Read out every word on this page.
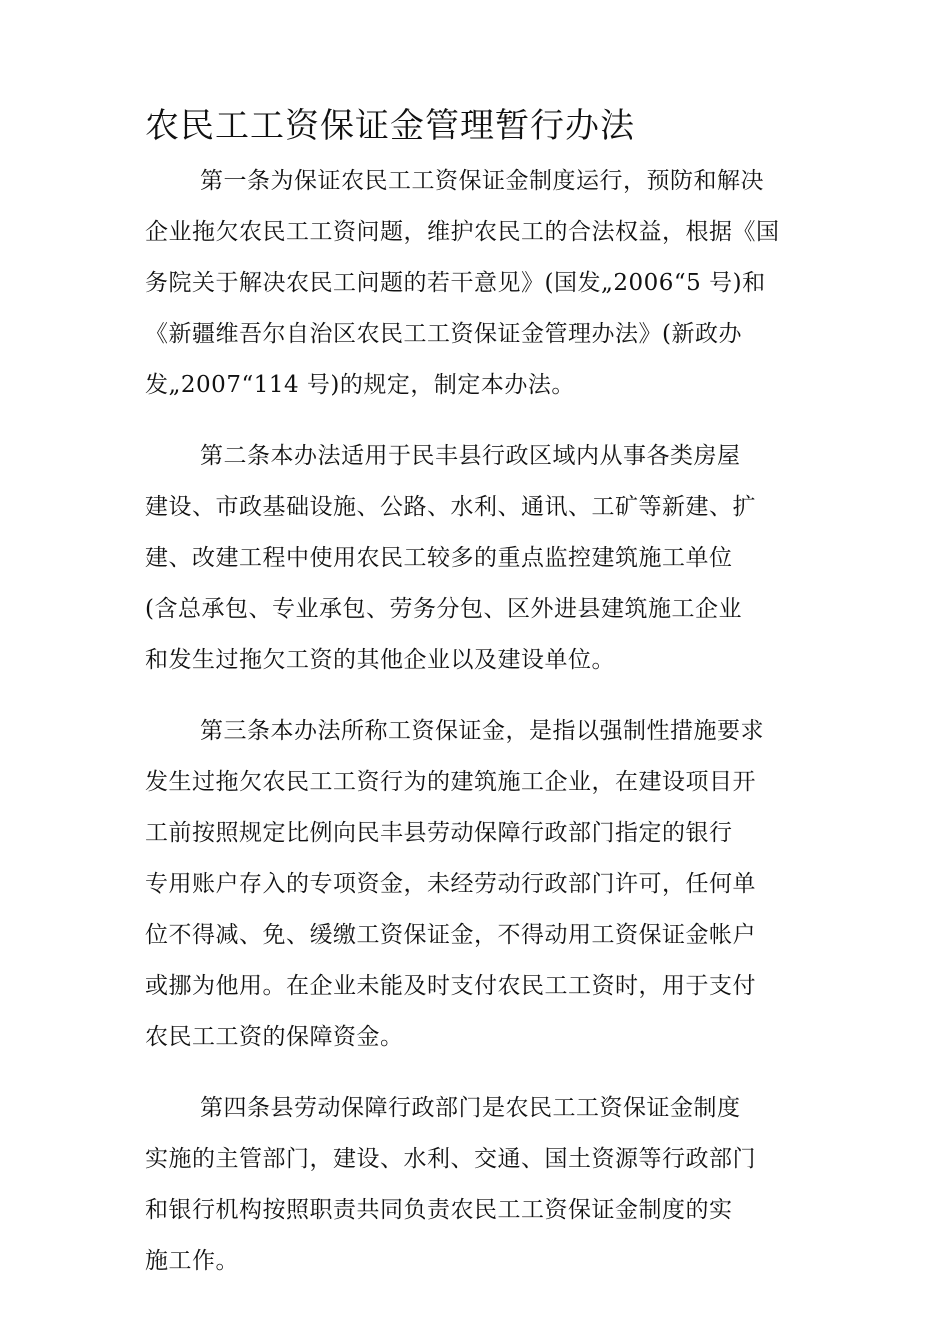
农民工工资保证金管理暂行办法
第一条为保证农民工工资保证金制度运行，预防和解决
企业拖欠农民工工资问题，维护农民工的合法权益，根据《国
务院关于解决农民工问题的若干意见》(国发„2006“5 号)和
《新疆维吾尔自治区农民工工资保证金管理办法》(新政办
发„2007“114 号)的规定，制定本办法。
第二条本办法适用于民丰县行政区域内从事各类房屋
建设、市政基础设施、公路、水利、通讯、工矿等新建、扩
建、改建工程中使用农民工较多的重点监控建筑施工单位
(含总承包、专业承包、劳务分包、区外进县建筑施工企业
和发生过拖欠工资的其他企业以及建设单位。
第三条本办法所称工资保证金，是指以强制性措施要求
发生过拖欠农民工工资行为的建筑施工企业，在建设项目开
工前按照规定比例向民丰县劳动保障行政部门指定的银行
专用账户存入的专项资金，未经劳动行政部门许可，任何单
位不得减、免、缓缴工资保证金，不得动用工资保证金帐户
或挪为他用。在企业未能及时支付农民工工资时，用于支付
农民工工资的保障资金。
第四条县劳动保障行政部门是农民工工资保证金制度
实施的主管部门，建设、水利、交通、国土资源等行政部门
和银行机构按照职责共同负责农民工工资保证金制度的实
施工作。
